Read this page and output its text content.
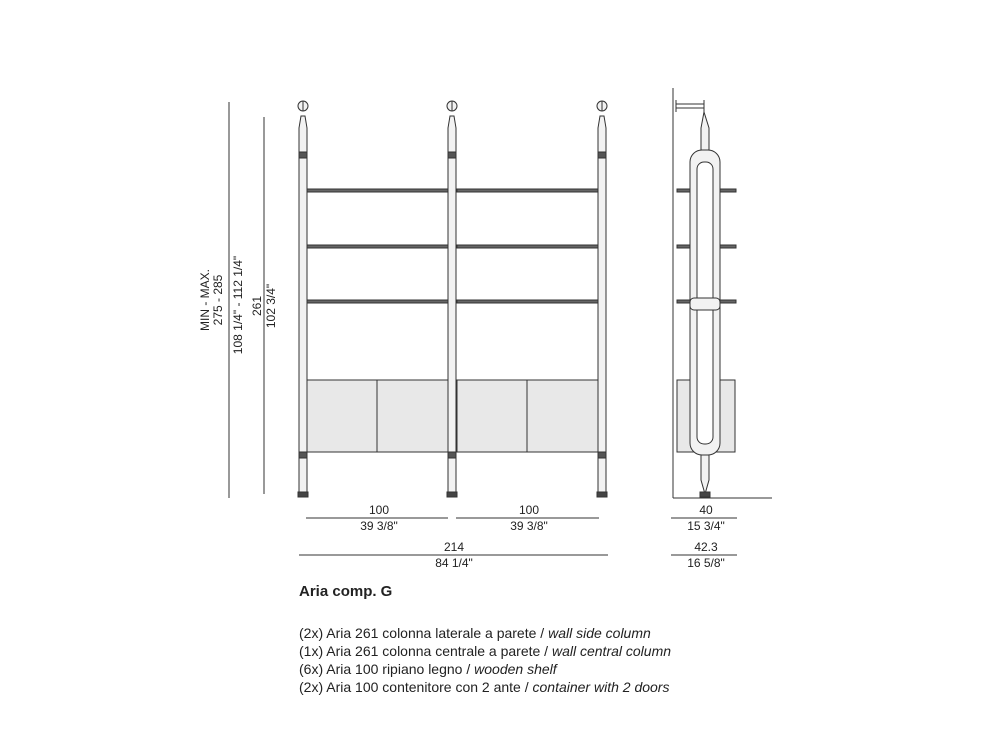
MIN - MAX. 275 - 285 108 1/4" - 112 1/4" 261 102 3/4"
100
39 3/8"
100
39 3/8"
214
84 1/4"
40
15 3/4"
42.3
16 5/8"
Aria comp. G
(2x) Aria 261 colonna laterale a parete / wall side column
(1x) Aria 261 colonna centrale a parete / wall central column
(6x) Aria 100 ripiano legno / wooden shelf
(2x) Aria 100 contenitore con 2 ante / container with 2 doors
